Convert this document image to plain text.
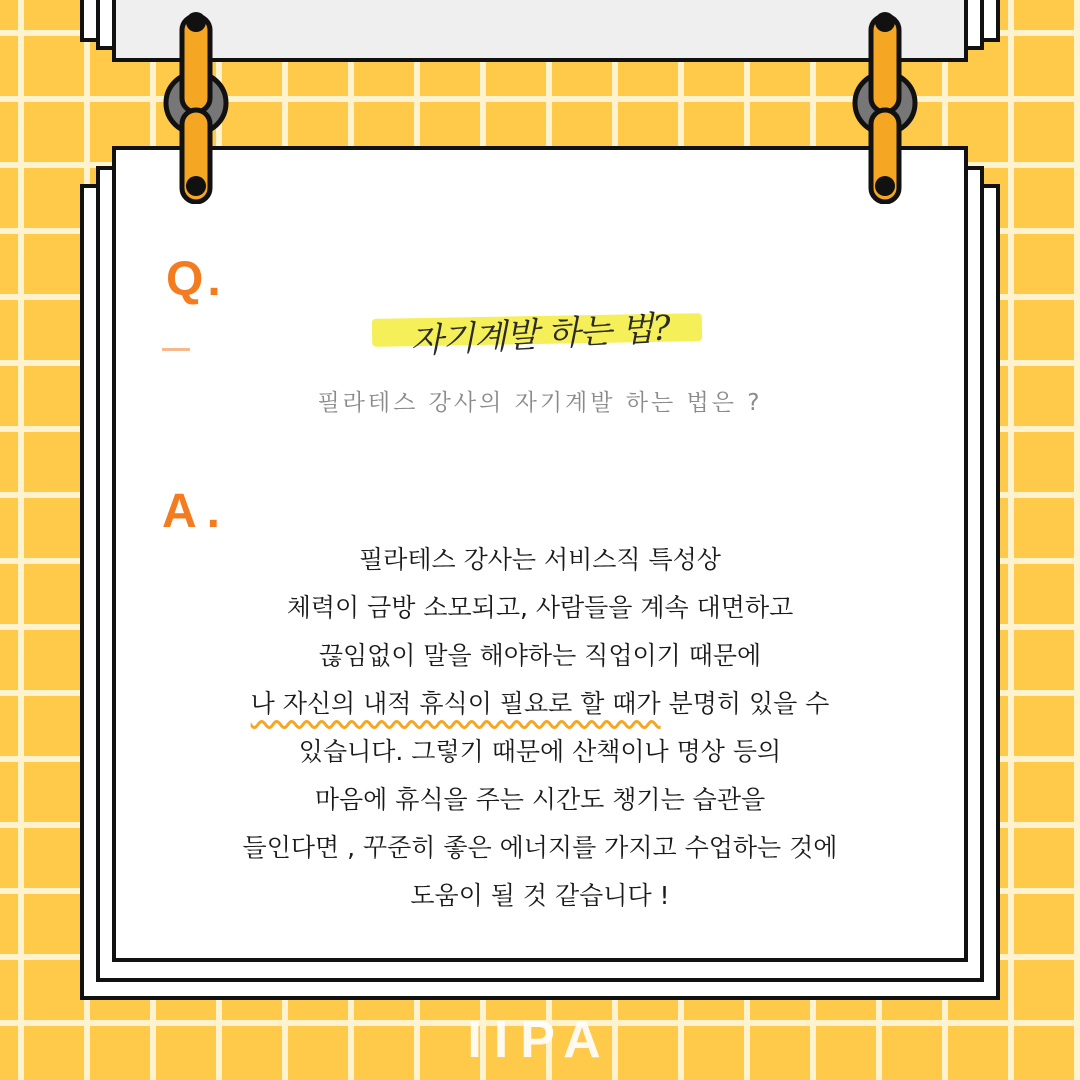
Q.

자기계발 하는 법?
필라테스 강사의 자기계발 하는 법은 ?

A.

필라테스 강사는 서비스직 특성상
체력이 금방 소모되고, 사람들을 계속 대면하고
끊임없이 말을 해야하는 직업이기 때문에
나 자신의 내적 휴식이 필요로 할 때가 분명히 있을 수
있습니다. 그렇기 때문에 산책이나 명상 등의
마음에 휴식을 주는 시간도 챙기는 습관을
들인다면 , 꾸준히 좋은 에너지를 가지고 수업하는 것에
도움이 될 것 같습니다 !
IIPA
